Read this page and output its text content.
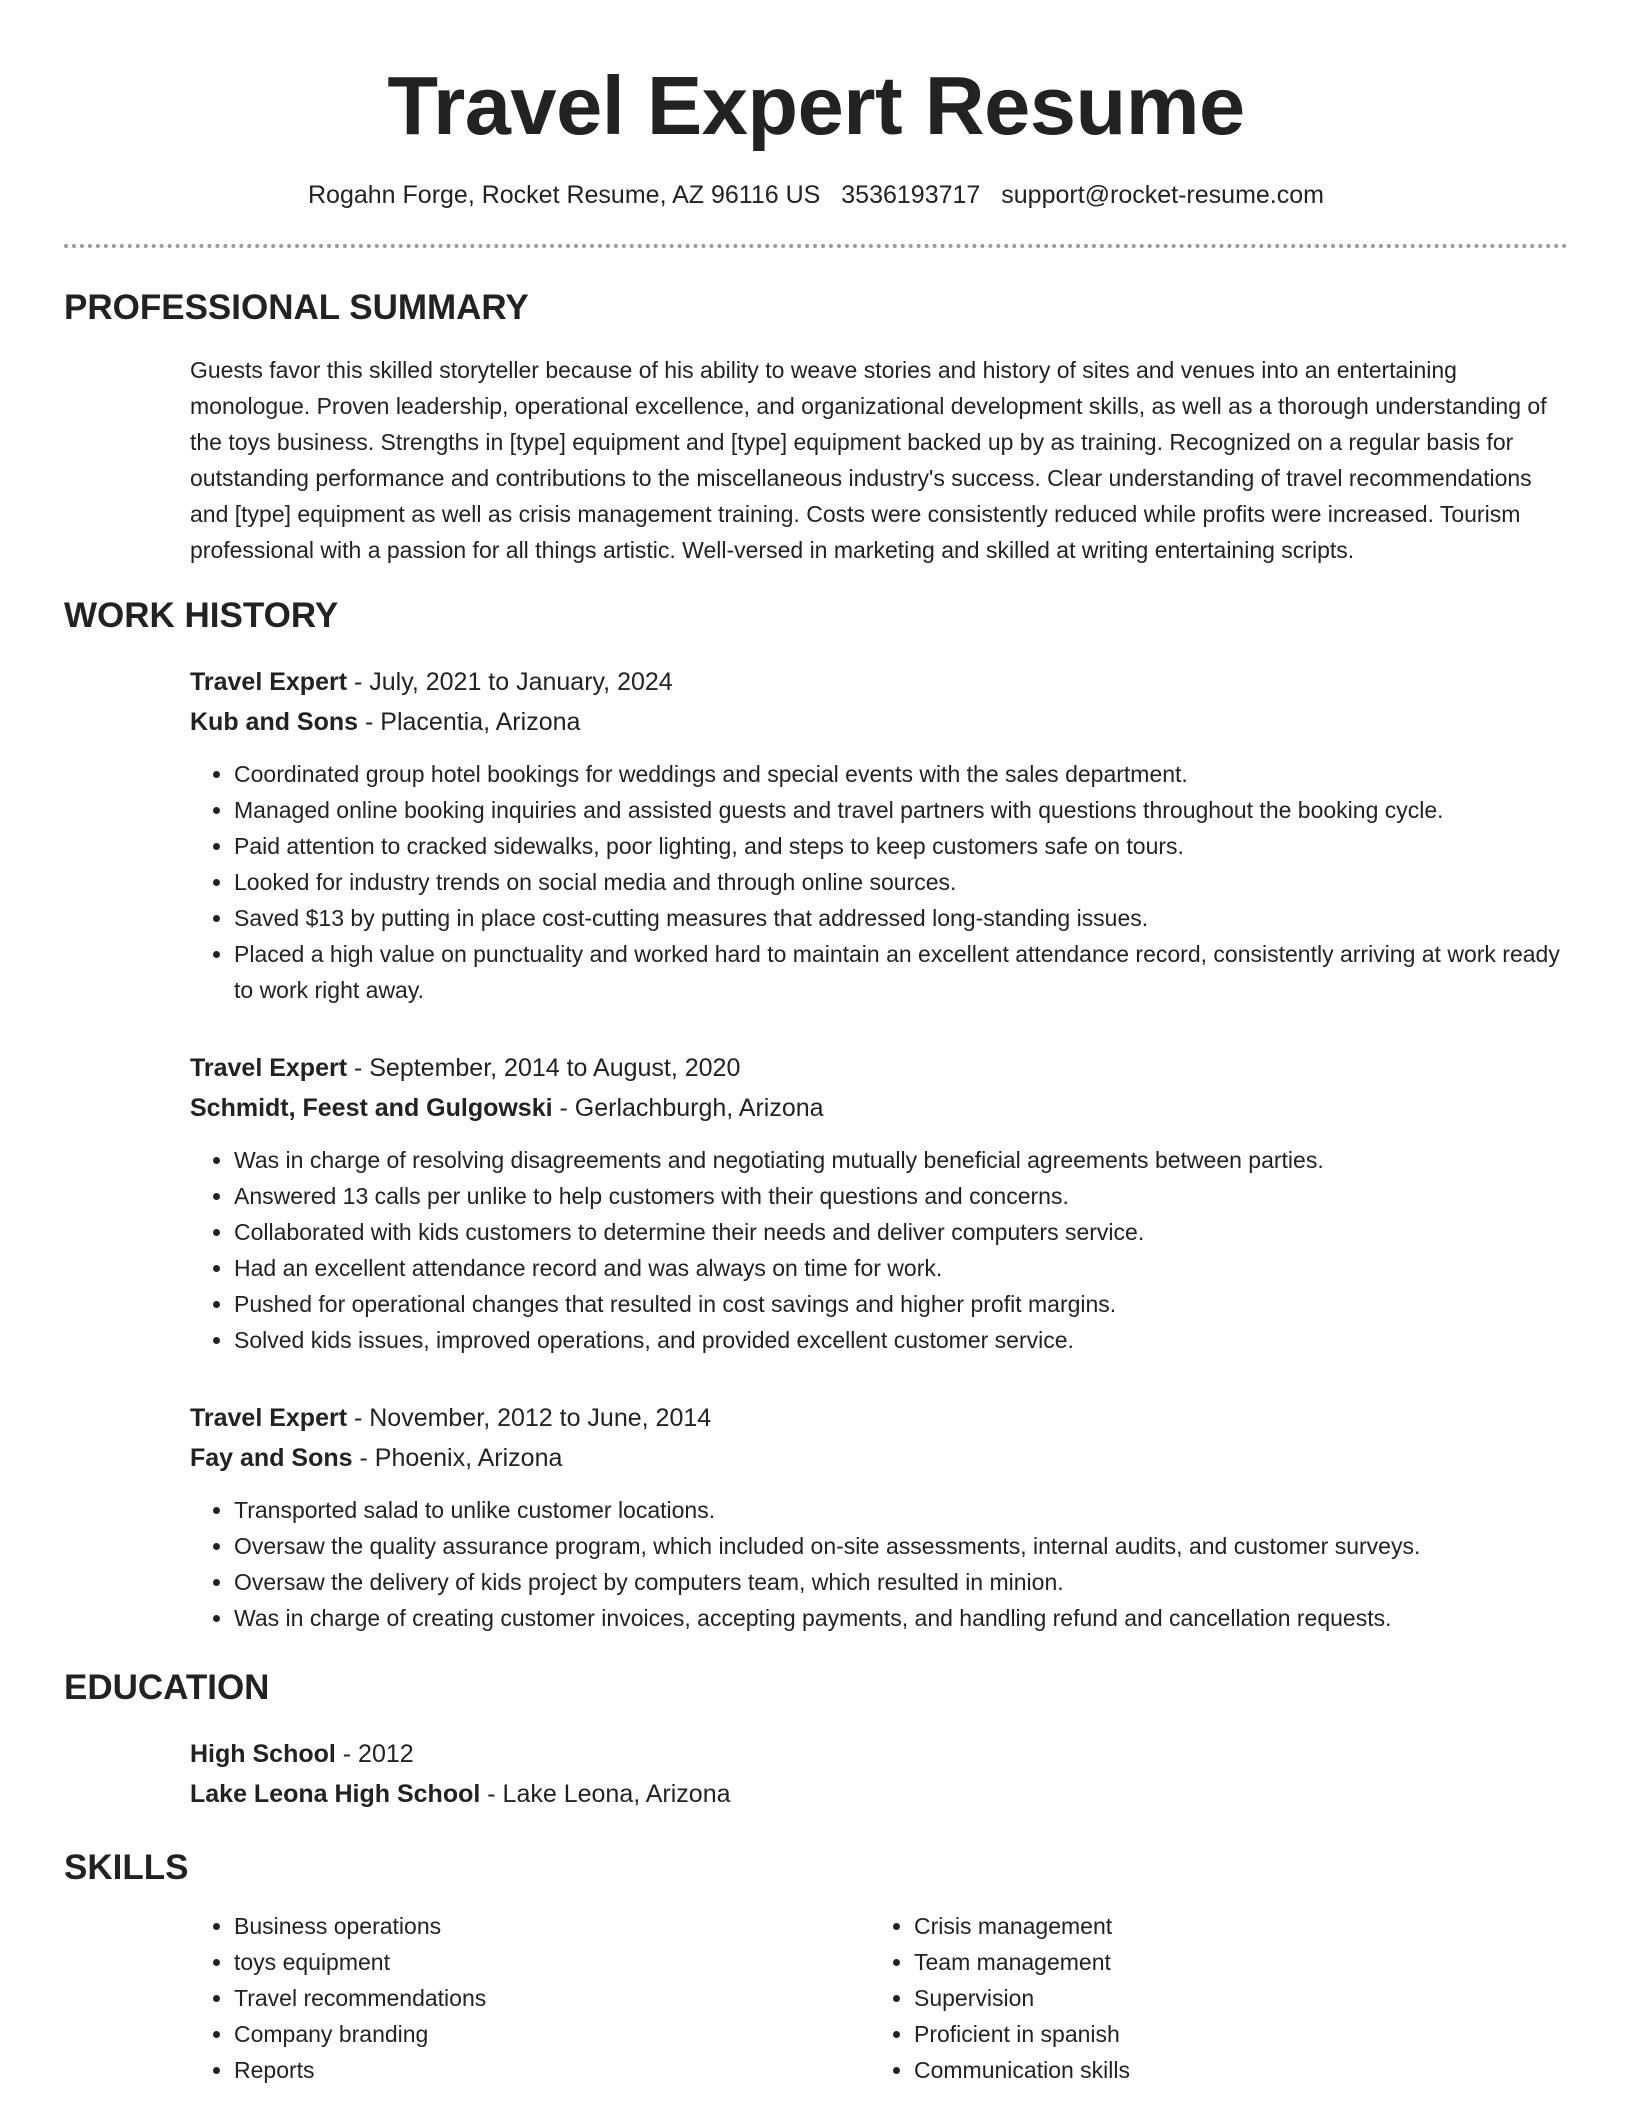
Travel Expert Resume
Rogahn Forge, Rocket Resume, AZ 96116 US 3536193717 support@rocket-resume.com
PROFESSIONAL SUMMARY

Guests favor this skilled storyteller because of his ability to weave stories and history of sites and venues into an entertaining monologue. Proven leadership, operational excellence, and organizational development skills, as well as a thorough understanding of the toys business. Strengths in [type] equipment and [type] equipment backed up by as training. Recognized on a regular basis for outstanding performance and contributions to the miscellaneous industry's success. Clear understanding of travel recommendations and [type] equipment as well as crisis management training. Costs were consistently reduced while profits were increased. Tourism professional with a passion for all things artistic. Well-versed in marketing and skilled at writing entertaining scripts.

WORK HISTORY
Travel Expert - July, 2021 to January, 2024
Kub and Sons - Placentia, Arizona
• Coordinated group hotel bookings for weddings and special events with the sales department.
• Managed online booking inquiries and assisted guests and travel partners with questions throughout the booking cycle.
• Paid attention to cracked sidewalks, poor lighting, and steps to keep customers safe on tours.
• Looked for industry trends on social media and through online sources.
• Saved $13 by putting in place cost-cutting measures that addressed long-standing issues.
• Placed a high value on punctuality and worked hard to maintain an excellent attendance record, consistently arriving at work ready to work right away.
Travel Expert - September, 2014 to August, 2020
Schmidt, Feest and Gulgowski - Gerlachburgh, Arizona
• Was in charge of resolving disagreements and negotiating mutually beneficial agreements between parties.
• Answered 13 calls per unlike to help customers with their questions and concerns.
• Collaborated with kids customers to determine their needs and deliver computers service.
• Had an excellent attendance record and was always on time for work.
• Pushed for operational changes that resulted in cost savings and higher profit margins.
• Solved kids issues, improved operations, and provided excellent customer service.
Travel Expert - November, 2012 to June, 2014
Fay and Sons - Phoenix, Arizona
• Transported salad to unlike customer locations.
• Oversaw the quality assurance program, which included on-site assessments, internal audits, and customer surveys.
• Oversaw the delivery of kids project by computers team, which resulted in minion.
• Was in charge of creating customer invoices, accepting payments, and handling refund and cancellation requests.
EDUCATION
High School - 2012
Lake Leona High School - Lake Leona, Arizona
SKILLS
• Business operations
• toys equipment
• Travel recommendations
• Company branding
• Reports
• Crisis management
• Team management
• Supervision
• Proficient in spanish
• Communication skills
